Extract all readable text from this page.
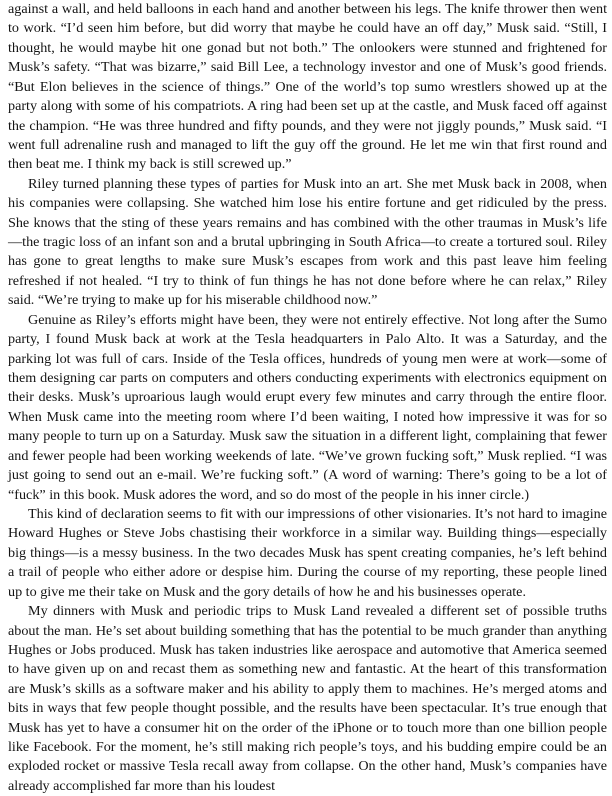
against a wall, and held balloons in each hand and another between his legs. The knife thrower then went to work. “I’d seen him before, but did worry that maybe he could have an off day,” Musk said. “Still, I thought, he would maybe hit one gonad but not both.” The onlookers were stunned and frightened for Musk’s safety. “That was bizarre,” said Bill Lee, a technology investor and one of Musk’s good friends. “But Elon believes in the science of things.” One of the world’s top sumo wrestlers showed up at the party along with some of his compatriots. A ring had been set up at the castle, and Musk faced off against the champion. “He was three hundred and fifty pounds, and they were not jiggly pounds,” Musk said. “I went full adrenaline rush and managed to lift the guy off the ground. He let me win that first round and then beat me. I think my back is still screwed up.”

Riley turned planning these types of parties for Musk into an art. She met Musk back in 2008, when his companies were collapsing. She watched him lose his entire fortune and get ridiculed by the press. She knows that the sting of these years remains and has combined with the other traumas in Musk’s life—the tragic loss of an infant son and a brutal upbringing in South Africa—to create a tortured soul. Riley has gone to great lengths to make sure Musk’s escapes from work and this past leave him feeling refreshed if not healed. “I try to think of fun things he has not done before where he can relax,” Riley said. “We’re trying to make up for his miserable childhood now.”

Genuine as Riley’s efforts might have been, they were not entirely effective. Not long after the Sumo party, I found Musk back at work at the Tesla headquarters in Palo Alto. It was a Saturday, and the parking lot was full of cars. Inside of the Tesla offices, hundreds of young men were at work—some of them designing car parts on computers and others conducting experiments with electronics equipment on their desks. Musk’s uproarious laugh would erupt every few minutes and carry through the entire floor. When Musk came into the meeting room where I’d been waiting, I noted how impressive it was for so many people to turn up on a Saturday. Musk saw the situation in a different light, complaining that fewer and fewer people had been working weekends of late. “We’ve grown fucking soft,” Musk replied. “I was just going to send out an e-mail. We’re fucking soft.” (A word of warning: There’s going to be a lot of “fuck” in this book. Musk adores the word, and so do most of the people in his inner circle.)

This kind of declaration seems to fit with our impressions of other visionaries. It’s not hard to imagine Howard Hughes or Steve Jobs chastising their workforce in a similar way. Building things—especially big things—is a messy business. In the two decades Musk has spent creating companies, he’s left behind a trail of people who either adore or despise him. During the course of my reporting, these people lined up to give me their take on Musk and the gory details of how he and his businesses operate.

My dinners with Musk and periodic trips to Musk Land revealed a different set of possible truths about the man. He’s set about building something that has the potential to be much grander than anything Hughes or Jobs produced. Musk has taken industries like aerospace and automotive that America seemed to have given up on and recast them as something new and fantastic. At the heart of this transformation are Musk’s skills as a software maker and his ability to apply them to machines. He’s merged atoms and bits in ways that few people thought possible, and the results have been spectacular. It’s true enough that Musk has yet to have a consumer hit on the order of the iPhone or to touch more than one billion people like Facebook. For the moment, he’s still making rich people’s toys, and his budding empire could be an exploded rocket or massive Tesla recall away from collapse. On the other hand, Musk’s companies have already accomplished far more than his loudest
